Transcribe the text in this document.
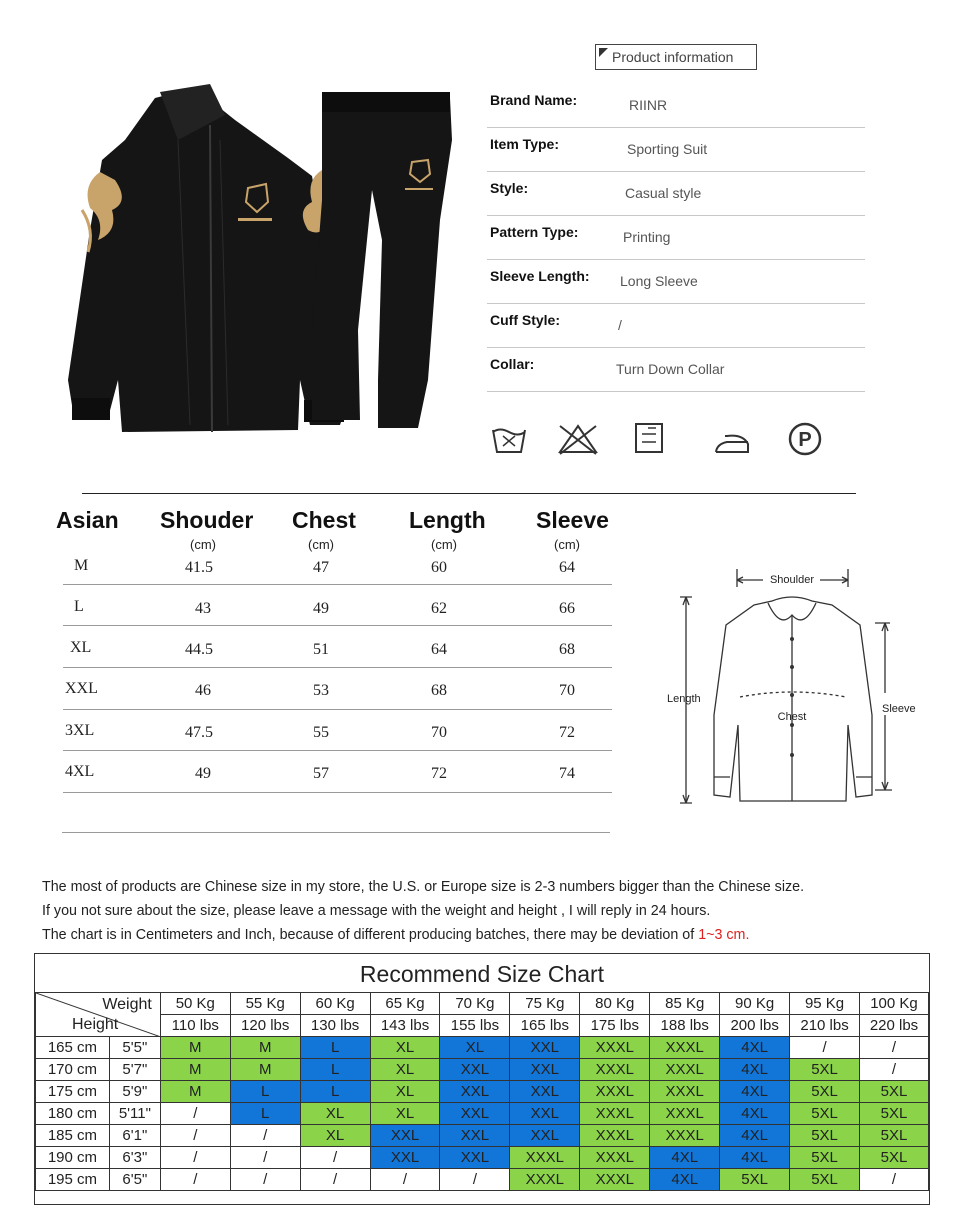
Product information
Brand Name:	RIINR
Item Type:	Sporting Suit
Style:	Casual style
Pattern Type:	Printing
Sleeve Length: Long Sleeve
Cuff Style:	/
Collar:	Turn Down Collar
P
Asian Shouder Chest Length Sleeve
(cm)	(cm)	(cm)	(cm)
M	41.5	47	60	64
L	43	49	62	66
XL	44.5	51	64	68
XXL	46	53	68	70
3XL	47.5	55	70	72
4XL	49	57	72	74
Shoulder
Length
Chest
Sleeve
The most of products are Chinese size in my store, the U.S. or Europe size is 2-3 numbers bigger than the Chinese size.
If you not sure about the size, please leave a message with the weight and height , I will reply in 24 hours.
The chart is in Centimeters and Inch, because of different producing batches, there may be deviation of 1~3 cm.
Recommend Size Chart
Weight
Height		50 Kg	55 Kg	60 Kg	65 Kg	70 Kg	75 Kg	80 Kg	85 Kg	90 Kg	95 Kg	100 Kg
		110 lbs	120 lbs	130 lbs	143 lbs	155 lbs	165 lbs	175 lbs	188 lbs	200 lbs	210 lbs	220 lbs
165 cm	5'5"	M	M	L	XL	XL	XXL	XXXL	XXXL	4XL	/	/
170 cm	5'7"	M	M	L	XL	XXL	XXL	XXXL	XXXL	4XL	5XL	/
175 cm	5'9"	M	L	L	XL	XXL	XXL	XXXL	XXXL	4XL	5XL	5XL
180 cm	5'11"	/	L	XL	XL	XXL	XXL	XXXL	XXXL	4XL	5XL	5XL
185 cm	6'1"	/	/	XL	XXL	XXL	XXL	XXXL	XXXL	4XL	5XL	5XL
190 cm	6'3"	/	/	/	XXL	XXL	XXXL	XXXL	4XL	4XL	5XL	5XL
195 cm	6'5"	/	/	/	/	/	XXXL	XXXL	4XL	5XL	5XL	/
